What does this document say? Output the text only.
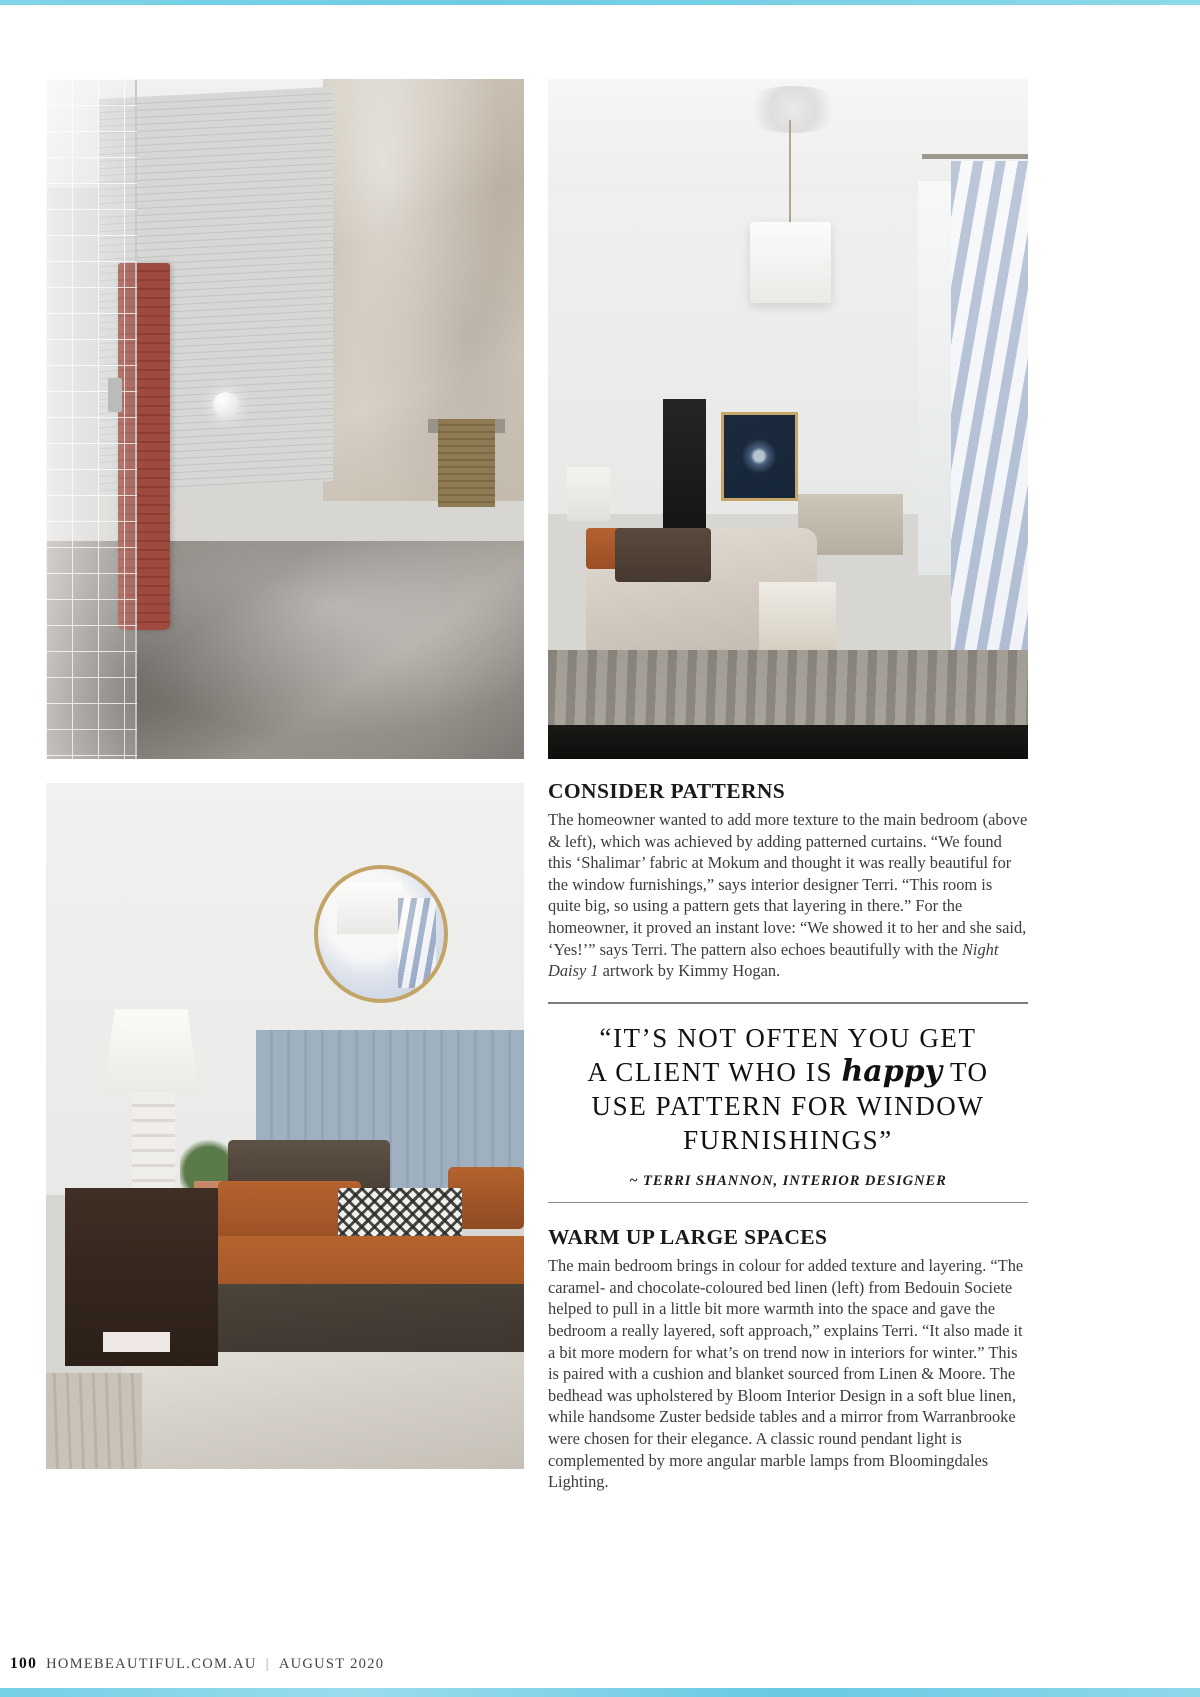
CONSIDER PATTERNS

The homeowner wanted to add more texture to the main bedroom (above & left), which was achieved by adding patterned curtains. “We found this ‘Shalimar’ fabric at Mokum and thought it was really beautiful for the window furnishings,” says interior designer Terri. “This room is quite big, so using a pattern gets that layering in there.” For the homeowner, it proved an instant love: “We showed it to her and she said, ‘Yes!’” says Terri. The pattern also echoes beautifully with the Night Daisy 1 artwork by Kimmy Hogan.

“IT’S NOT OFTEN YOU GET
A CLIENT WHO IS happy TO
USE PATTERN FOR WINDOW
FURNISHINGS”
~ TERRI SHANNON, INTERIOR DESIGNER
WARM UP LARGE SPACES

The main bedroom brings in colour for added texture and layering. “The caramel- and chocolate-coloured bed linen (left) from Bedouin Societe helped to pull in a little bit more warmth into the space and gave the bedroom a really layered, soft approach,” explains Terri. “It also made it a bit more modern for what’s on trend now in interiors for winter.” This is paired with a cushion and blanket sourced from Linen & Moore. The bedhead was upholstered by Bloom Interior Design in a soft blue linen, while handsome Zuster bedside tables and a mirror from Warranbrooke were chosen for their elegance. A classic round pendant light is complemented by more angular marble lamps from Bloomingdales Lighting.

100 HOMEBEAUTIFUL.COM.AU | AUGUST 2020
